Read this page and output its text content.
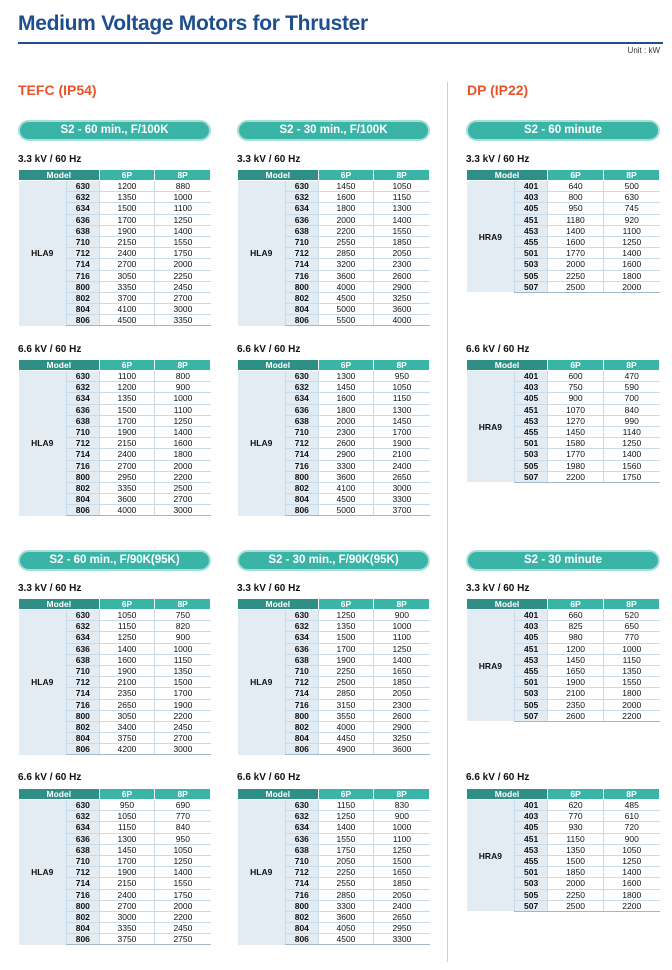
Medium Voltage Motors for Thruster
Unit : kW
TEFC (IP54)	DP (IP22)
S2 - 60 min., F/100K	S2 - 30 min., F/100K	S2 - 60 minute
S2 - 60 min., F/90K(95K)	S2 - 30 min., F/90K(95K)	S2 - 30 minute
3.3 kV / 60 Hz	3.3 kV / 60 Hz	3.3 kV / 60 Hz
6.6 kV / 60 Hz	6.6 kV / 60 Hz	6.6 kV / 60 Hz
3.3 kV / 60 Hz	3.3 kV / 60 Hz	3.3 kV / 60 Hz
6.6 kV / 60 Hz	6.6 kV / 60 Hz	6.6 kV / 60 Hz
Model		6P	8P
HLA9	630	1200	880
	632	1350	1000
	634	1500	1100
	636	1700	1250
	638	1900	1400
	710	2150	1550
	712	2400	1750
	714	2700	2000
	716	3050	2250
	800	3350	2450
	802	3700	2700
	804	4100	3000
	806	4500	3350
Model		6P	8P
HLA9	630	1450	1050
	632	1600	1150
	634	1800	1300
	636	2000	1400
	638	2200	1550
	710	2550	1850
	712	2850	2050
	714	3200	2300
	716	3600	2600
	800	4000	2900
	802	4500	3250
	804	5000	3600
	806	5500	4000
Model		6P	8P
HRA9	401	640	500
	403	800	630
	405	950	745
	451	1180	920
	453	1400	1100
	455	1600	1250
	501	1770	1400
	503	2000	1600
	505	2250	1800
	507	2500	2000
Model		6P	8P
HLA9	630	1100	800
	632	1200	900
	634	1350	1000
	636	1500	1100
	638	1700	1250
	710	1900	1400
	712	2150	1600
	714	2400	1800
	716	2700	2000
	800	2950	2200
	802	3350	2500
	804	3600	2700
	806	4000	3000
Model		6P	8P
HLA9	630	1300	950
	632	1450	1050
	634	1600	1150
	636	1800	1300
	638	2000	1450
	710	2300	1700
	712	2600	1900
	714	2900	2100
	716	3300	2400
	800	3600	2650
	802	4100	3000
	804	4500	3300
	806	5000	3700
Model		6P	8P
HRA9	401	600	470
	403	750	590
	405	900	700
	451	1070	840
	453	1270	990
	455	1450	1140
	501	1580	1250
	503	1770	1400
	505	1980	1560
	507	2200	1750
Model		6P	8P
HLA9	630	1050	750
	632	1150	820
	634	1250	900
	636	1400	1000
	638	1600	1150
	710	1900	1350
	712	2100	1500
	714	2350	1700
	716	2650	1900
	800	3050	2200
	802	3400	2450
	804	3750	2700
	806	4200	3000
Model		6P	8P
HLA9	630	1250	900
	632	1350	1000
	634	1500	1100
	636	1700	1250
	638	1900	1400
	710	2250	1650
	712	2500	1850
	714	2850	2050
	716	3150	2300
	800	3550	2600
	802	4000	2900
	804	4450	3250
	806	4900	3600
Model		6P	8P
HRA9	401	660	520
	403	825	650
	405	980	770
	451	1200	1000
	453	1450	1150
	455	1650	1350
	501	1900	1550
	503	2100	1800
	505	2350	2000
	507	2600	2200
Model		6P	8P
HLA9	630	950	690
	632	1050	770
	634	1150	840
	636	1300	950
	638	1450	1050
	710	1700	1250
	712	1900	1400
	714	2150	1550
	716	2400	1750
	800	2700	2000
	802	3000	2200
	804	3350	2450
	806	3750	2750
Model		6P	8P
HLA9	630	1150	830
	632	1250	900
	634	1400	1000
	636	1550	1100
	638	1750	1250
	710	2050	1500
	712	2250	1650
	714	2550	1850
	716	2850	2050
	800	3300	2400
	802	3600	2650
	804	4050	2950
	806	4500	3300
Model		6P	8P
HRA9	401	620	485
	403	770	610
	405	930	720
	451	1150	900
	453	1350	1050
	455	1500	1250
	501	1850	1400
	503	2000	1600
	505	2250	1800
	507	2500	2200
